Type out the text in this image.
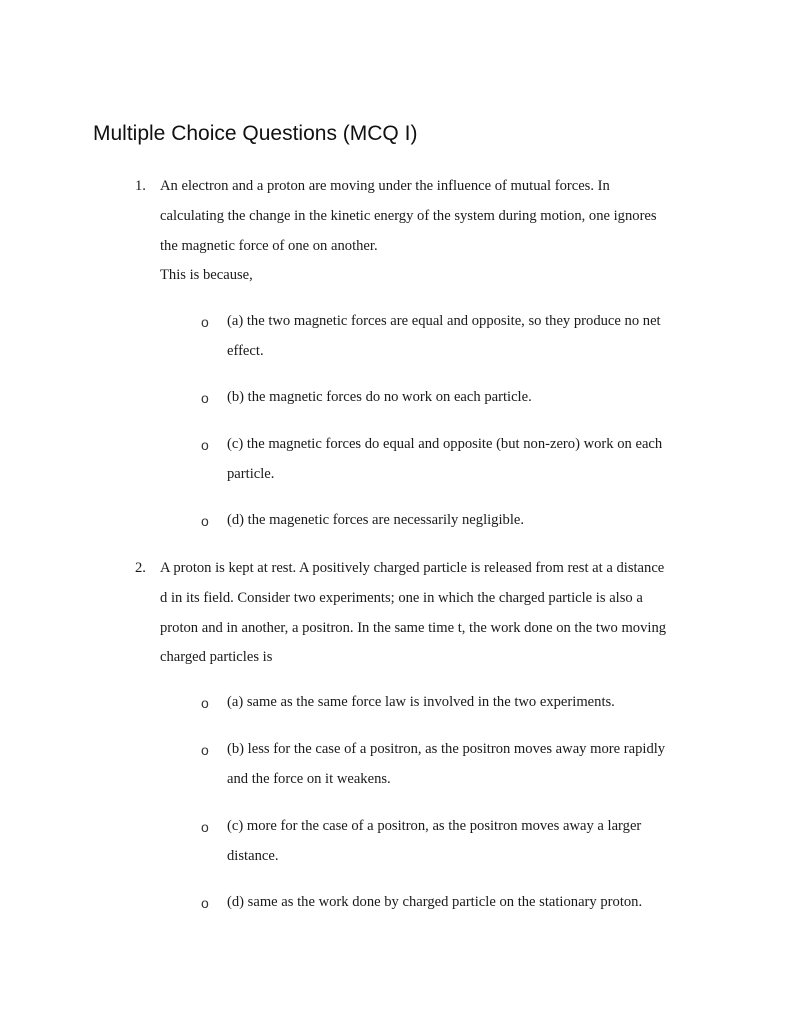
Multiple Choice Questions (MCQ I)
1. An electron and a proton are moving under the influence of mutual forces. In
calculating the change in the kinetic energy of the system during motion, one ignores
the magnetic force of one on another.
This is because,
o (a) the two magnetic forces are equal and opposite, so they produce no net
effect.
o (b) the magnetic forces do no work on each particle.
o (c) the magnetic forces do equal and opposite (but non-zero) work on each
particle.
o (d) the magenetic forces are necessarily negligible.
2. A proton is kept at rest. A positively charged particle is released from rest at a distance
d in its field. Consider two experiments; one in which the charged particle is also a
proton and in another, a positron. In the same time t, the work done on the two moving
charged particles is
o (a) same as the same force law is involved in the two experiments.
o (b) less for the case of a positron, as the positron moves away more rapidly
and the force on it weakens.
o (c) more for the case of a positron, as the positron moves away a larger
distance.
o (d) same as the work done by charged particle on the stationary proton.
